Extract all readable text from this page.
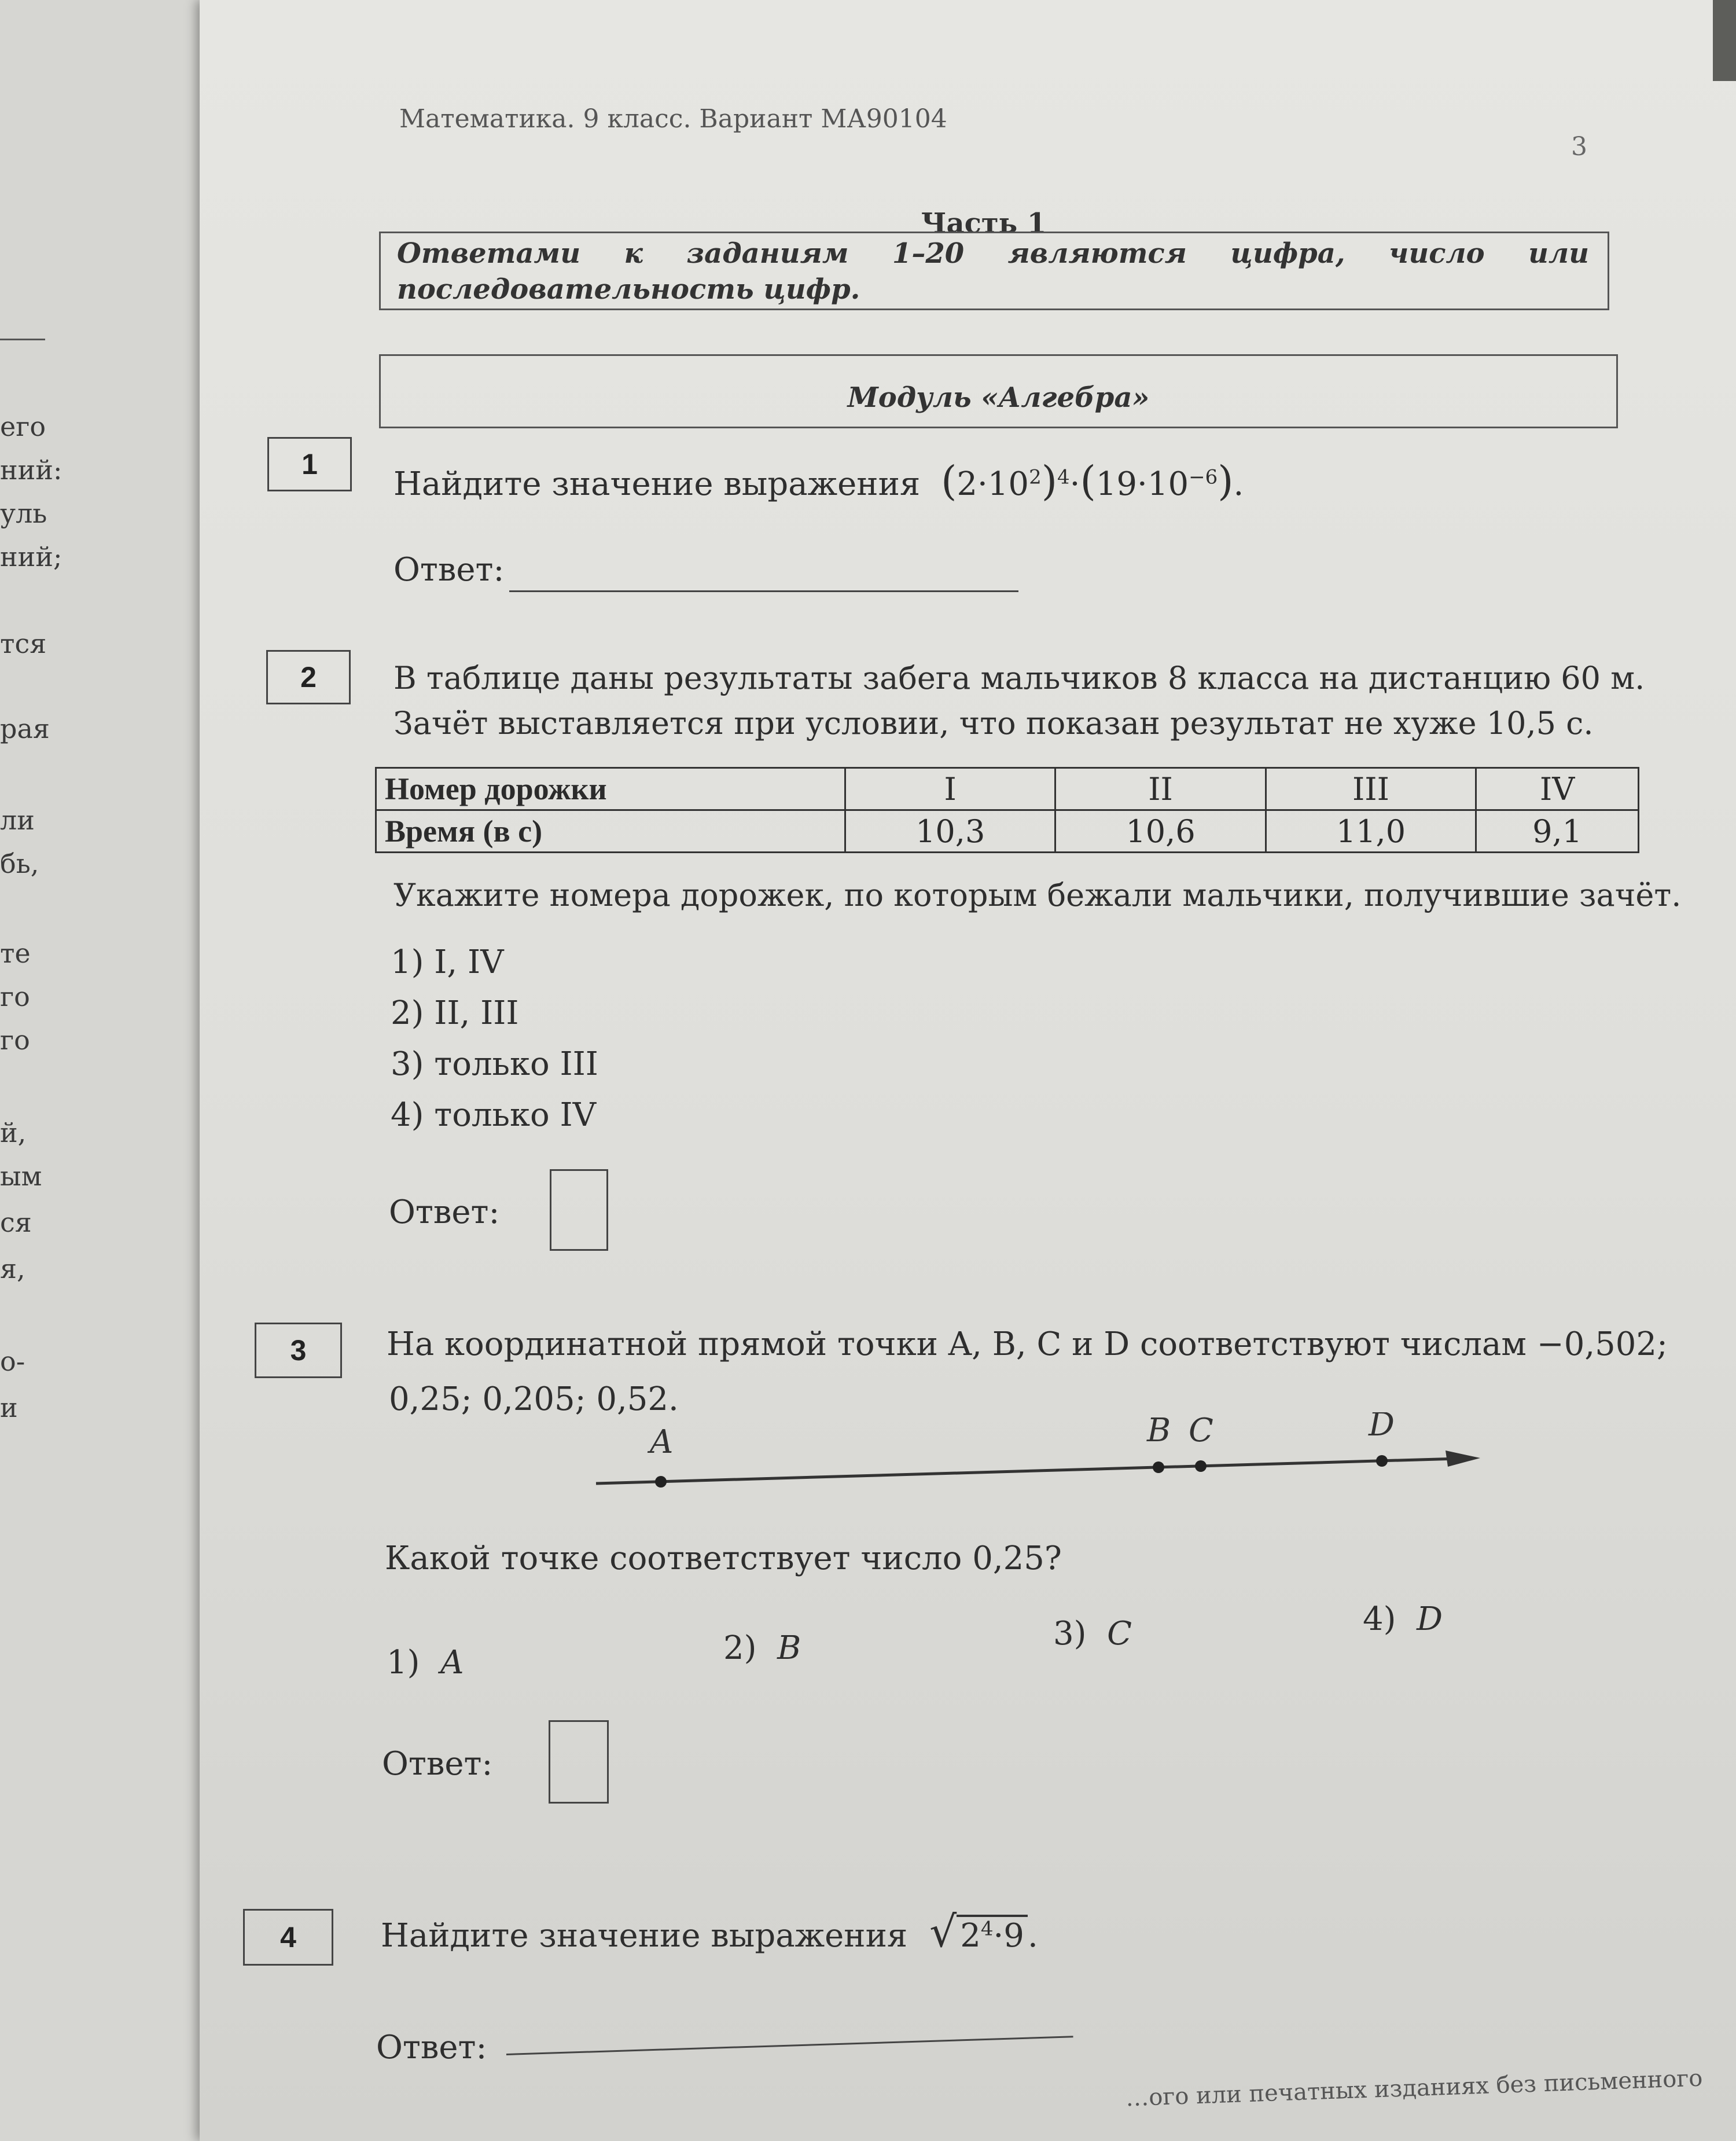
его
ний:
уль
ний;
тся
рая
ли
бь,
те
го
го
й,
ым
ся
я,
о-
и
Математика. 9 класс. Вариант МА90104
3
Часть 1
Ответами к заданиям 1–20 являются цифра, число или последовательность цифр.
Модуль «Алгебра»
1
Найдите значение выражения $(2\cdot 10^2)^4\cdot(19\cdot 10^{-6})$.
Ответ:
2 В таблице даны результаты забега мальчиков 8 класса на дистанцию 60 м.
Зачёт выставляется при условии, что показан результат не хуже 10,5 с.
Номер дорожки	I	II	III	IV
Время (в с)	10,3	10,6	11,0	9,1
Укажите номера дорожек, по которым бежали мальчики, получившие зачёт.
1) I, IV
2) II, III
3) только III
4) только IV
Ответ:
3 На координатной прямой точки A, B, C и D соответствуют числам −0,502;
0,25; 0,205; 0,52.
A	B C	D
Какой точке соответствует число 0,25?
1) A	2) B	3) C	4) D
Ответ:
4	Найдите значение выражения √ $2^4\cdot 9$ .
Ответ:
…ого или печатных изданиях без письменного
